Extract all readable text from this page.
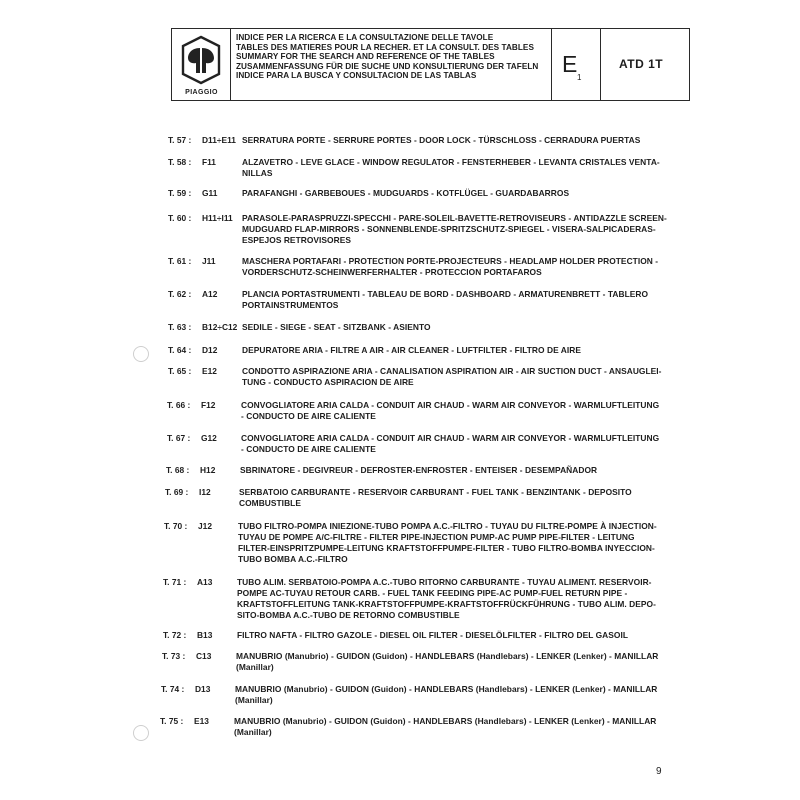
PIAGGIO
INDICE PER LA RICERCA E LA CONSULTAZIONE DELLE TAVOLE
TABLES DES MATIERES POUR LA RECHER. ET LA CONSULT. DES TABLES
SUMMARY FOR THE SEARCH AND REFERENCE OF THE TABLES
ZUSAMMENFASSUNG FÜR DIE SUCHE UND KONSULTIERUNG DER TAFELN
INDICE PARA LA BUSCA Y CONSULTACION DE LAS TABLAS	E
1
ATD 1T
T. 57 : D11÷E11 SERRATURA PORTE - SERRURE PORTES - DOOR LOCK - TÜRSCHLOSS - CERRADURA PUERTAS
T. 58 : F11	ALZAVETRO - LEVE GLACE - WINDOW REGULATOR - FENSTERHEBER - LEVANTA CRISTALES VENTA-
NILLAS
T. 59 : G11	PARAFANGHI - GARBEBOUES - MUDGUARDS - KOTFLÜGEL - GUARDABARROS
T. 60 : H11÷I11 PARASOLE-PARASPRUZZI-SPECCHI - PARE-SOLEIL-BAVETTE-RETROVISEURS - ANTIDAZZLE SCREEN-
MUDGUARD FLAP-MIRRORS - SONNENBLENDE-SPRITZSCHUTZ-SPIEGEL - VISERA-SALPICADERAS-
ESPEJOS RETROVISORES
T. 61 : J11	MASCHERA PORTAFARI - PROTECTION PORTE-PROJECTEURS - HEADLAMP HOLDER PROTECTION -
VORDERSCHUTZ-SCHEINWERFERHALTER - PROTECCION PORTAFAROS
T. 62 : A12	PLANCIA PORTASTRUMENTI - TABLEAU DE BORD - DASHBOARD - ARMATURENBRETT - TABLERO
PORTAINSTRUMENTOS
T. 63 : B12÷C12 SEDILE - SIEGE - SEAT - SITZBANK - ASIENTO
T. 64 : D12	DEPURATORE ARIA - FILTRE A AIR - AIR CLEANER - LUFTFILTER - FILTRO DE AIRE
T. 65 : E12	CONDOTTO ASPIRAZIONE ARIA - CANALISATION ASPIRATION AIR - AIR SUCTION DUCT - ANSAUGLEI-
TUNG - CONDUCTO ASPIRACION DE AIRE
T. 66 : F12	CONVOGLIATORE ARIA CALDA - CONDUIT AIR CHAUD - WARM AIR CONVEYOR - WARMLUFTLEITUNG
- CONDUCTO DE AIRE CALIENTE
T. 67 : G12	CONVOGLIATORE ARIA CALDA - CONDUIT AIR CHAUD - WARM AIR CONVEYOR - WARMLUFTLEITUNG
- CONDUCTO DE AIRE CALIENTE
T. 68 : H12	SBRINATORE - DEGIVREUR - DEFROSTER-ENFROSTER - ENTEISER - DESEMPAÑADOR
T. 69 : I12	SERBATOIO CARBURANTE - RESERVOIR CARBURANT - FUEL TANK - BENZINTANK - DEPOSITO
COMBUSTIBLE
T. 70 : J12	TUBO FILTRO-POMPA INIEZIONE-TUBO POMPA A.C.-FILTRO - TUYAU DU FILTRE-POMPE À INJECTION-
TUYAU DE POMPE A/C-FILTRE - FILTER PIPE-INJECTION PUMP-AC PUMP PIPE-FILTER - LEITUNG
FILTER-EINSPRITZPUMPE-LEITUNG KRAFTSTOFFPUMPE-FILTER - TUBO FILTRO-BOMBA INYECCION-
TUBO BOMBA A.C.-FILTRO
T. 71 : A13	TUBO ALIM. SERBATOIO-POMPA A.C.-TUBO RITORNO CARBURANTE - TUYAU ALIMENT. RESERVOIR-
POMPE AC-TUYAU RETOUR CARB. - FUEL TANK FEEDING PIPE-AC PUMP-FUEL RETURN PIPE -
KRAFTSTOFFLEITUNG TANK-KRAFTSTOFFPUMPE-KRAFTSTOFFRÜCKFÜHRUNG - TUBO ALIM. DEPO-
SITO-BOMBA A.C.-TUBO DE RETORNO COMBUSTIBLE
T. 72 : B13	FILTRO NAFTA - FILTRO GAZOLE - DIESEL OIL FILTER - DIESELÖLFILTER - FILTRO DEL GASOIL
T. 73 : C13	MANUBRIO (Manubrio) - GUIDON (Guidon) - HANDLEBARS (Handlebars) - LENKER (Lenker) - MANILLAR
(Manillar)
T. 74 : D13	MANUBRIO (Manubrio) - GUIDON (Guidon) - HANDLEBARS (Handlebars) - LENKER (Lenker) - MANILLAR
(Manillar)
T. 75 : E13	MANUBRIO (Manubrio) - GUIDON (Guidon) - HANDLEBARS (Handlebars) - LENKER (Lenker) - MANILLAR
(Manillar)
9
